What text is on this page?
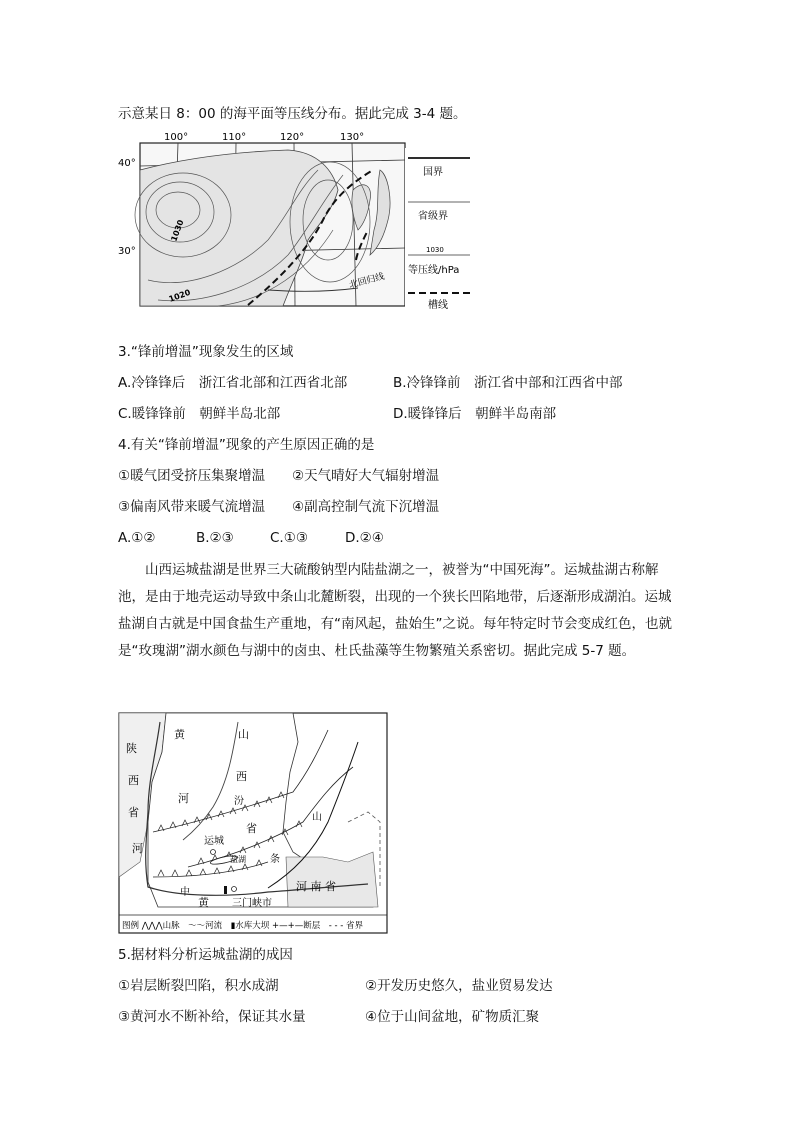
示意某日 8：00 的海平面等压线分布。据此完成 3-4 题。
100°	110°	120°	130°
40°
30°
1030
1020
北回归线
国界
省级界
1030
等压线/hPa
槽线
3.“锋前增温”现象发生的区域
A.冷锋锋后　浙江省北部和江西省北部	B.冷锋锋前　浙江省中部和江西省中部
C.暖锋锋前　朝鲜半岛北部	D.暖锋锋后　朝鲜半岛南部
4.有关“锋前增温”现象的产生原因正确的是
①暖气团受挤压集聚增温 ②天气晴好大气辐射增温
③偏南风带来暖气流增温 ④副高控制气流下沉增温
A.①②	B.②③	C.①③	D.②④
山西运城盐湖是世界三大硫酸钠型内陆盐湖之一，被誉为“中国死海”。运城盐湖古称解池，是由于地壳运动导致中条山北麓断裂，出现的一个狭长凹陷地带，后逐渐形成湖泊。运城盐湖自古就是中国食盐生产重地，有“南风起，盐始生”之说。每年特定时节会变成红色，也就是“玫瑰湖”湖水颜色与湖中的卤虫、杜氏盐藻等生物繁殖关系密切。据此完成 5-7 题。
黄	山
陕
西
省
西
河	汾
河
省
运城
盐湖
山
条
中
黄 三门峡市
河 南 省
图例 ⋀⋀⋀山脉　〜〜河流　▮水库大坝 +—+—断层　- - - 省界
5.据材料分析运城盐湖的成因
①岩层断裂凹陷，积水成湖	②开发历史悠久，盐业贸易发达
③黄河水不断补给，保证其水量	④位于山间盆地，矿物质汇聚
